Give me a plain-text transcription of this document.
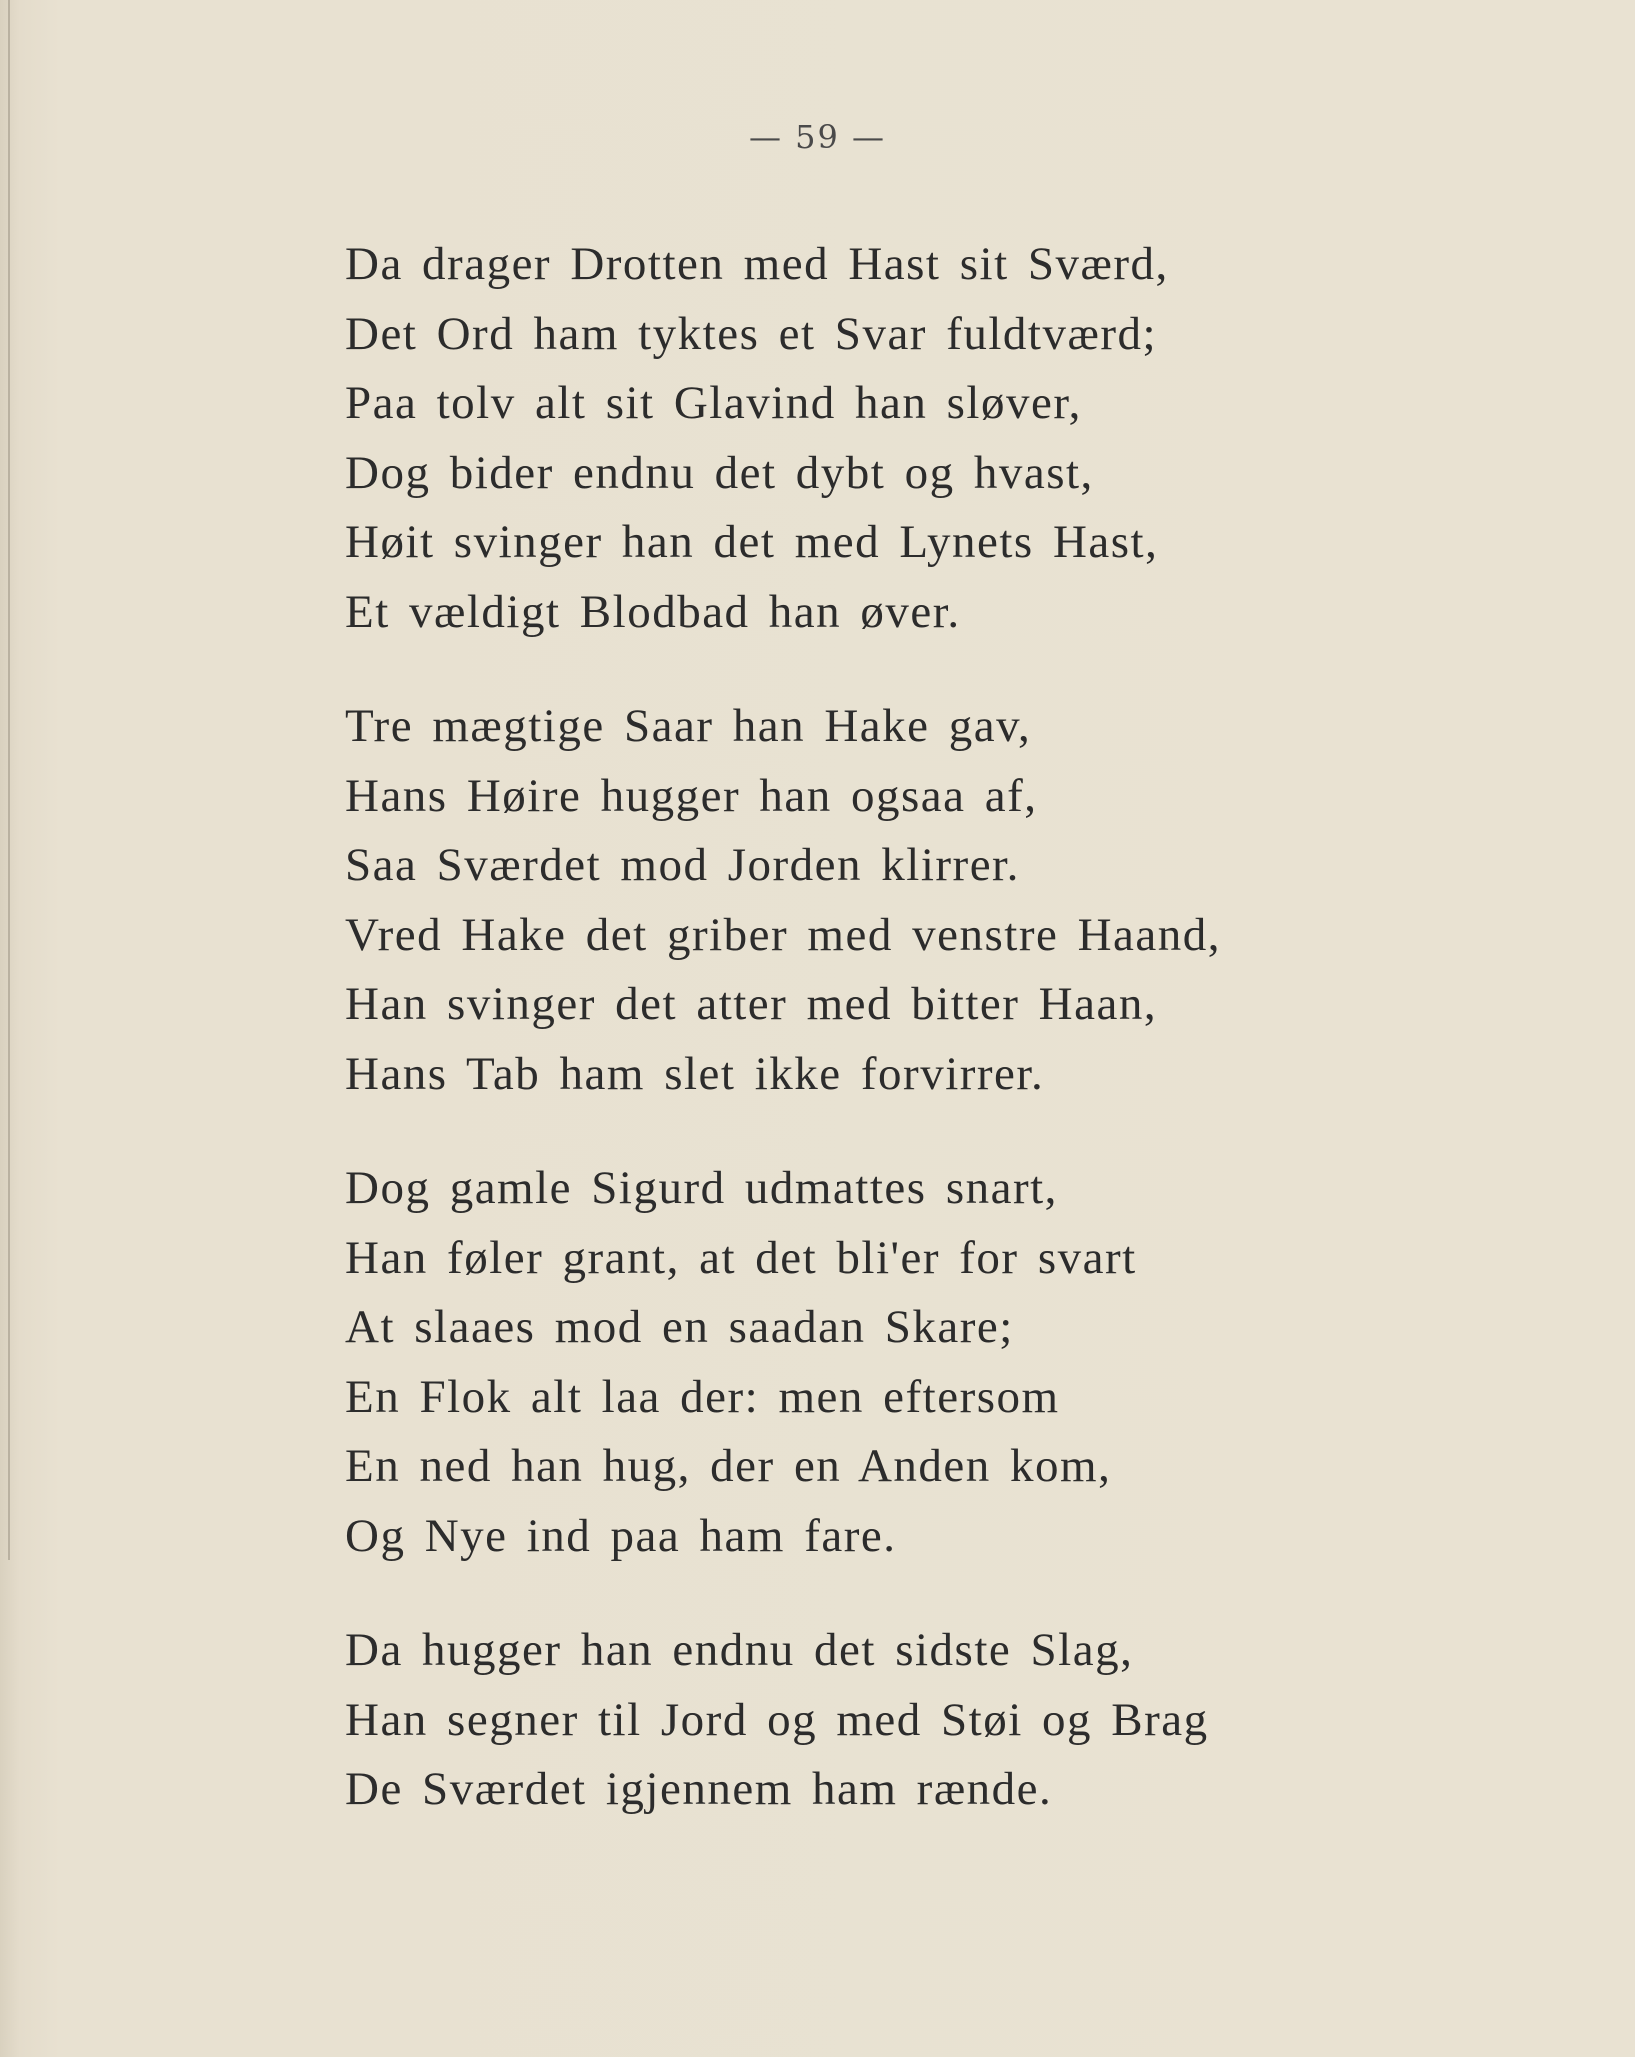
— 59 —
Da drager Drotten med Hast sit Sværd,
Det Ord ham tyktes et Svar fuldtværd;
Paa tolv alt sit Glavind han sløver,
Dog bider endnu det dybt og hvast,
Høit svinger han det med Lynets Hast,
Et vældigt Blodbad han øver.
Tre mægtige Saar han Hake gav,
Hans Høire hugger han ogsaa af,
Saa Sværdet mod Jorden klirrer.
Vred Hake det griber med venstre Haand,
Han svinger det atter med bitter Haan,
Hans Tab ham slet ikke forvirrer.
Dog gamle Sigurd udmattes snart,
Han føler grant, at det bli'er for svart
At slaaes mod en saadan Skare;
En Flok alt laa der: men eftersom
En ned han hug, der en Anden kom,
Og Nye ind paa ham fare.
Da hugger han endnu det sidste Slag,
Han segner til Jord og med Støi og Brag
De Sværdet igjennem ham rænde.
